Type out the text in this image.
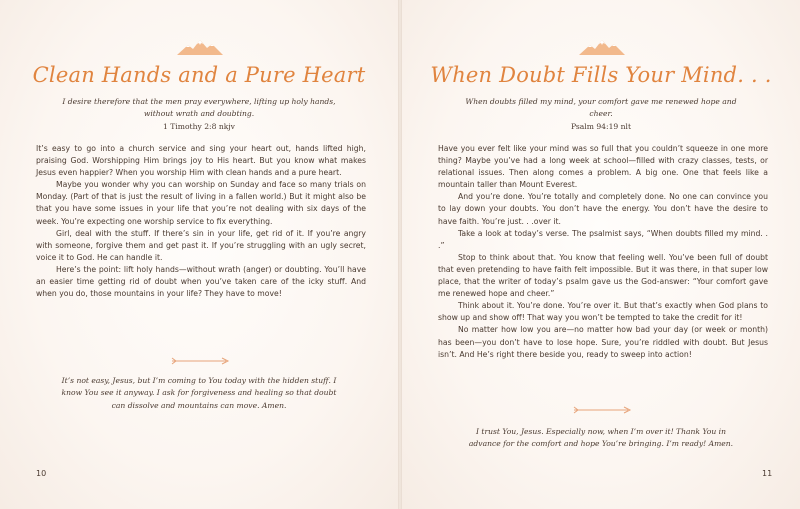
Clean Hands and a Pure Heart
I desire therefore that the men pray everywhere, lifting up holy hands, without wrath and doubting.
1 Timothy 2:8 nkjv

It’s easy to go into a church service and sing your heart out, hands lifted high, praising God. Worshipping Him brings joy to His heart. But you know what makes Jesus even happier? When you worship Him with clean hands and a pure heart.

Maybe you wonder why you can worship on Sunday and face so many trials on Monday. (Part of that is just the result of living in a fallen world.) But it might also be that you have some issues in your life that you’re not dealing with six days of the week. You’re expecting one worship service to fix everything.

Girl, deal with the stuff. If there’s sin in your life, get rid of it. If you’re angry with someone, forgive them and get past it. If you’re struggling with an ugly secret, voice it to God. He can handle it.

Here’s the point: lift holy hands—without wrath (anger) or doubting. You’ll have an easier time getting rid of doubt when you’ve taken care of the icky stuff. And when you do, those mountains in your life? They have to move!

It’s not easy, Jesus, but I’m coming to You today with the hidden stuff. I know You see it anyway. I ask for forgiveness and healing so that doubt can dissolve and mountains can move. Amen.
10
When Doubt Fills Your Mind. . .
When doubts filled my mind, your comfort gave me renewed hope and cheer.
Psalm 94:19 nlt

Have you ever felt like your mind was so full that you couldn’t squeeze in one more thing? Maybe you’ve had a long week at school—filled with crazy classes, tests, or relational issues. Then along comes a problem. A big one. One that feels like a mountain taller than Mount Everest.

And you’re done. You’re totally and completely done. No one can convince you to lay down your doubts. You don’t have the energy. You don’t have the desire to have faith. You’re just. . .over it.

Take a look at today’s verse. The psalmist says, “When doubts filled my mind. . .”

Stop to think about that. You know that feeling well. You’ve been full of doubt that even pretending to have faith felt impossible. But it was there, in that super low place, that the writer of today’s psalm gave us the God-answer: “Your comfort gave me renewed hope and cheer.”

Think about it. You’re done. You’re over it. But that’s exactly when God plans to show up and show off! That way you won’t be tempted to take the credit for it!

No matter how low you are—no matter how bad your day (or week or month) has been—you don’t have to lose hope. Sure, you’re riddled with doubt. But Jesus isn’t. And He’s right there beside you, ready to sweep into action!

I trust You, Jesus. Especially now, when I’m over it! Thank You in advance for the comfort and hope You’re bringing. I’m ready! Amen.
11
